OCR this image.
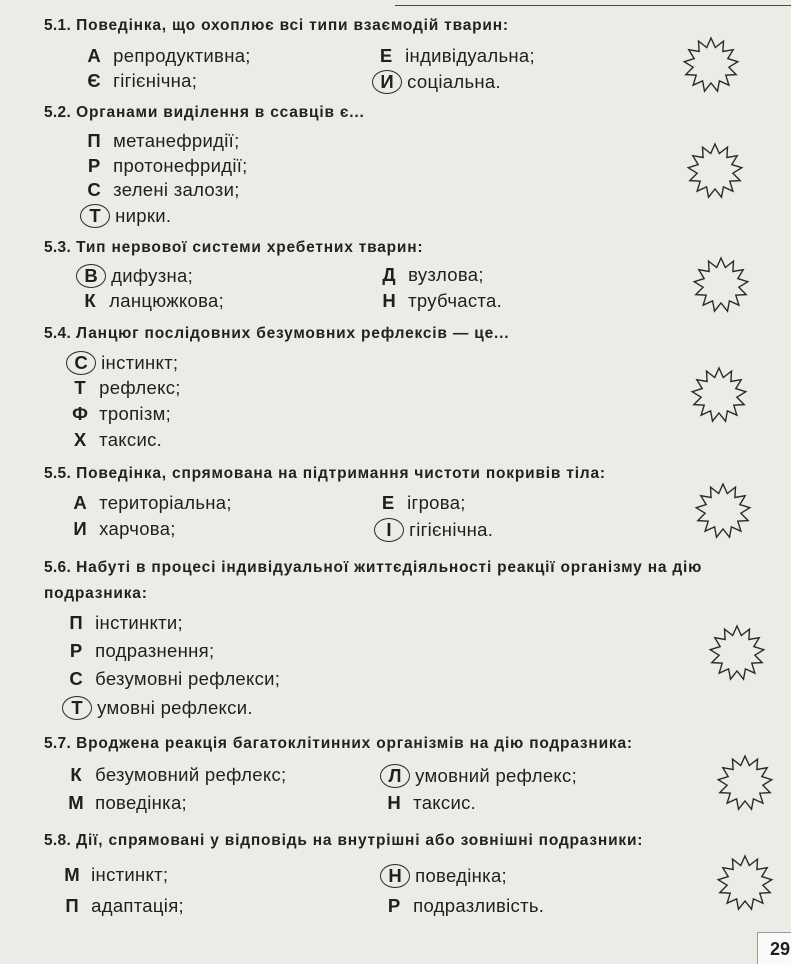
5.1. Поведінка, що охоплює всі типи взаємодій тварин:
А репродуктивна;	Е індивідуальна;
Є гігієнічна;	И соціальна.
5.2. Органами виділення в ссавців є...
П метанефридії;
Р протонефридії;
С зелені залози;
Т нирки.
5.3. Тип нервової системи хребетних тварин:
В дифузна;	Д вузлова;
К ланцюжкова;	Н трубчаста.
5.4. Ланцюг послідовних безумовних рефлексів — це...
С інстинкт;
Т рефлекс;
Ф тропізм;
Х таксис.
5.5. Поведінка, спрямована на підтримання чистоти покривів тіла:
А територіальна;	Е ігрова;
И харчова;	І гігієнічна.
5.6. Набуті в процесі індивідуальної життєдіяльності реакції організму на дію подразника:
П інстинкти;
Р подразнення;
С безумовні рефлекси;
Т умовні рефлекси.
5.7. Вроджена реакція багатоклітинних організмів на дію подразника:
К безумовний рефлекс;	Л умовний рефлекс;
М поведінка;	Н таксис.
5.8. Дії, спрямовані у відповідь на внутрішні або зовнішні подразники:
М інстинкт;	Н поведінка;
П адаптація;	Р подразливість.
29
